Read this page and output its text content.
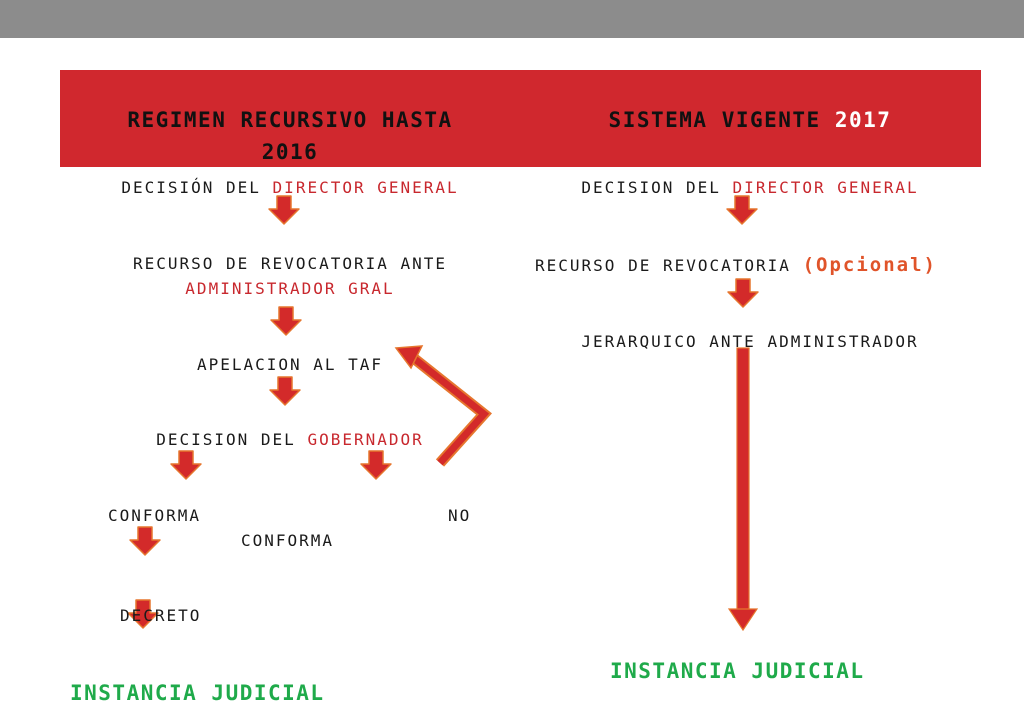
REGIMEN RECURSIVO HASTA
2016
SISTEMA VIGENTE 2017
DECISIÓN DEL DIRECTOR GENERAL
RECURSO DE REVOCATORIA ANTE
ADMINISTRADOR GRAL
APELACION AL TAF
DECISION DEL GOBERNADOR
CONFORMA	NO
CONFORMA
DECRETO
INSTANCIA JUDICIAL
DECISION DEL DIRECTOR GENERAL
RECURSO DE REVOCATORIA (Opcional)
JERARQUICO ANTE ADMINISTRADOR
INSTANCIA JUDICIAL
